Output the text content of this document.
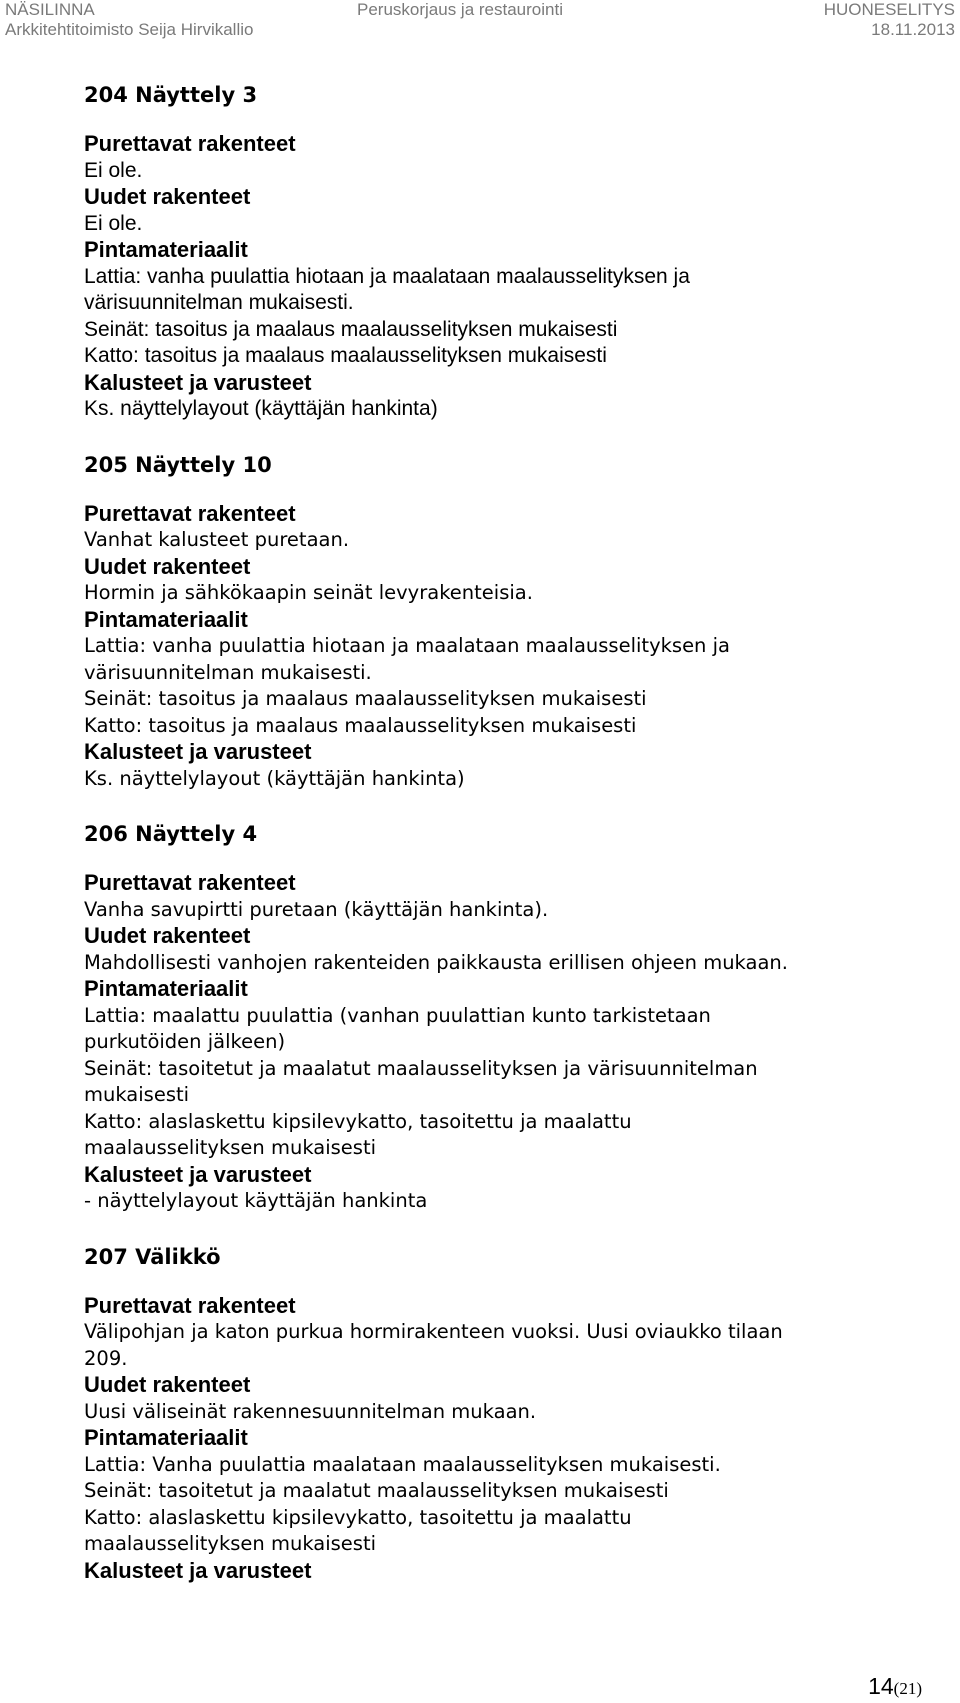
NÄSILINNA
Arkkitehtitoimisto Seija Hirvikallio
Peruskorjaus ja restaurointi	HUONESELITYS
18.11.2013
204 Näyttely 3
Purettavat rakenteet
Ei ole.
Uudet rakenteet
Ei ole.
Pintamateriaalit
Lattia: vanha puulattia hiotaan ja maalataan maalausselityksen ja
värisuunnitelman mukaisesti.
Seinät: tasoitus ja maalaus maalausselityksen mukaisesti
Katto: tasoitus ja maalaus maalausselityksen mukaisesti
Kalusteet ja varusteet
Ks. näyttelylayout (käyttäjän hankinta)
205 Näyttely 10
Purettavat rakenteet
Vanhat kalusteet puretaan.
Uudet rakenteet
Hormin ja sähkökaapin seinät levyrakenteisia.
Pintamateriaalit
Lattia: vanha puulattia hiotaan ja maalataan maalausselityksen ja
värisuunnitelman mukaisesti.
Seinät: tasoitus ja maalaus maalausselityksen mukaisesti
Katto: tasoitus ja maalaus maalausselityksen mukaisesti
Kalusteet ja varusteet
Ks. näyttelylayout (käyttäjän hankinta)
206 Näyttely 4
Purettavat rakenteet
Vanha savupirtti puretaan (käyttäjän hankinta).
Uudet rakenteet
Mahdollisesti vanhojen rakenteiden paikkausta erillisen ohjeen mukaan.
Pintamateriaalit
Lattia: maalattu puulattia (vanhan puulattian kunto tarkistetaan
purkutöiden jälkeen)
Seinät: tasoitetut ja maalatut maalausselityksen ja värisuunnitelman
mukaisesti
Katto: alaslaskettu kipsilevykatto, tasoitettu ja maalattu
maalausselityksen mukaisesti
Kalusteet ja varusteet
- näyttelylayout käyttäjän hankinta
207 Välikkö
Purettavat rakenteet
Välipohjan ja katon purkua hormirakenteen vuoksi. Uusi oviaukko tilaan
209.
Uudet rakenteet
Uusi väliseinät rakennesuunnitelman mukaan.
Pintamateriaalit
Lattia: Vanha puulattia maalataan maalausselityksen mukaisesti.
Seinät: tasoitetut ja maalatut maalausselityksen mukaisesti
Katto: alaslaskettu kipsilevykatto, tasoitettu ja maalattu
maalausselityksen mukaisesti
Kalusteet ja varusteet
14(21)
